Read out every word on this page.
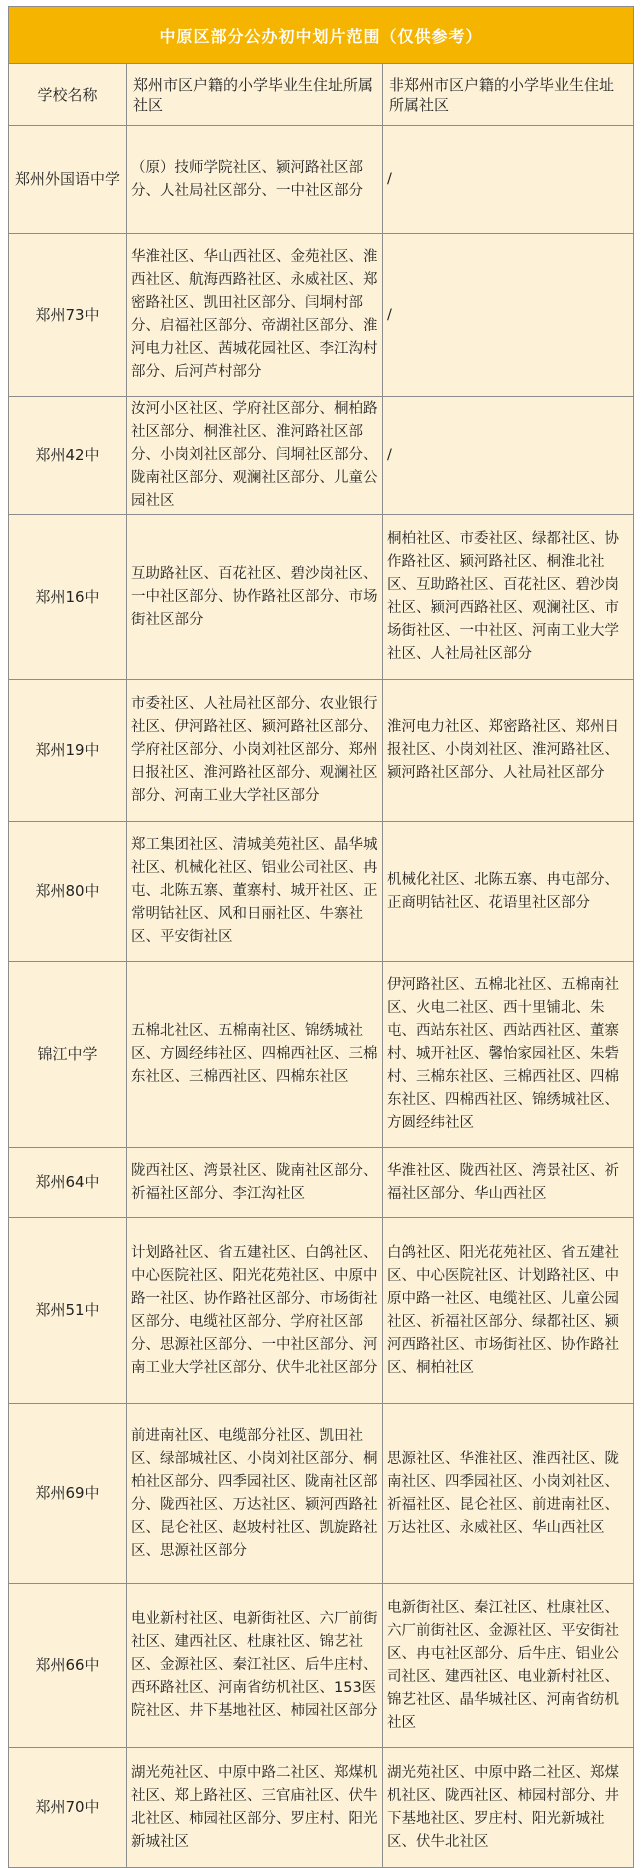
中原区部分公办初中划片范围（仅供参考）		
学校名称	郑州市区户籍的小学毕业生住址所属社区	非郑州市区户籍的小学毕业生住址所属社区
郑州外国语中学	（原）技师学院社区、颍河路社区部分、人社局社区部分、一中社区部分	/
郑州73中	华淮社区、华山西社区、金苑社区、淮西社区、航海西路社区、永威社区、郑密路社区、凯田社区部分、闫垌村部分、启福社区部分、帝湖社区部分、淮河电力社区、茜城花园社区、李江沟村部分、后河芦村部分	/
郑州42中	汝河小区社区、学府社区部分、桐柏路社区部分、桐淮社区、淮河路社区部分、小岗刘社区部分、闫垌社区部分、陇南社区部分、观澜社区部分、儿童公园社区	/
郑州16中	互助路社区、百花社区、碧沙岗社区、一中社区部分、协作路社区部分、市场街社区部分	桐柏社区、市委社区、绿都社区、协作路社区、颍河路社区、桐淮北社区、互助路社区、百花社区、碧沙岗社区、颍河西路社区、观澜社区、市场街社区、一中社区、河南工业大学社区、人社局社区部分
郑州19中	市委社区、人社局社区部分、农业银行社区、伊河路社区、颍河路社区部分、学府社区部分、小岗刘社区部分、郑州日报社区、淮河路社区部分、观澜社区部分、河南工业大学社区部分	淮河电力社区、郑密路社区、郑州日报社区、小岗刘社区、淮河路社区、颍河路社区部分、人社局社区部分
郑州80中	郑工集团社区、清城美苑社区、晶华城社区、机械化社区、铝业公司社区、冉屯、北陈五寨、董寨村、城开社区、正常明钴社区、风和日丽社区、牛寨社区、平安街社区	机械化社区、北陈五寨、冉屯部分、正商明钴社区、花语里社区部分
锦江中学	五棉北社区、五棉南社区、锦绣城社区、方圆经纬社区、四棉西社区、三棉东社区、三棉西社区、四棉东社区	伊河路社区、五棉北社区、五棉南社区、火电二社区、西十里铺北、朱屯、西站东社区、西站西社区、董寨村、城开社区、馨怡家园社区、朱砦村、三棉东社区、三棉西社区、四棉东社区、四棉西社区、锦绣城社区、方圆经纬社区
郑州64中	陇西社区、湾景社区、陇南社区部分、祈福社区部分、李江沟社区	华淮社区、陇西社区、湾景社区、祈福社区部分、华山西社区
郑州51中	计划路社区、省五建社区、白鸽社区、中心医院社区、阳光花苑社区、中原中路一社区、协作路社区部分、市场街社区部分、电缆社区部分、学府社区部分、思源社区部分、一中社区部分、河南工业大学社区部分、伏牛北社区部分	白鸽社区、阳光花苑社区、省五建社区、中心医院社区、计划路社区、中原中路一社区、电缆社区、儿童公园社区、祈福社区部分、绿都社区、颍河西路社区、市场街社区、协作路社区、桐柏社区
郑州69中	前进南社区、电缆部分社区、凯田社区、绿部城社区、小岗刘社区部分、桐柏社区部分、四季园社区、陇南社区部分、陇西社区、万达社区、颍河西路社区、昆仑社区、赵坡村社区、凯旋路社区、思源社区部分	思源社区、华淮社区、淮西社区、陇南社区、四季园社区、小岗刘社区、祈福社区、昆仑社区、前进南社区、万达社区、永威社区、华山西社区
郑州66中	电业新村社区、电新街社区、六厂前街社区、建西社区、杜康社区、锦艺社区、金源社区、秦江社区、后牛庄村、西环路社区、河南省纺机社区、153医院社区、井下基地社区、柿园社区部分	电新街社区、秦江社区、杜康社区、六厂前街社区、金源社区、平安街社区、冉屯社区部分、后牛庄、铝业公司社区、建西社区、电业新村社区、锦艺社区、晶华城社区、河南省纺机社区
郑州70中	湖光苑社区、中原中路二社区、郑煤机社区、郑上路社区、三官庙社区、伏牛北社区、柿园社区部分、罗庄村、阳光新城社区	湖光苑社区、中原中路二社区、郑煤机社区、陇西社区、柿园村部分、井下基地社区、罗庄村、阳光新城社区、伏牛北社区
